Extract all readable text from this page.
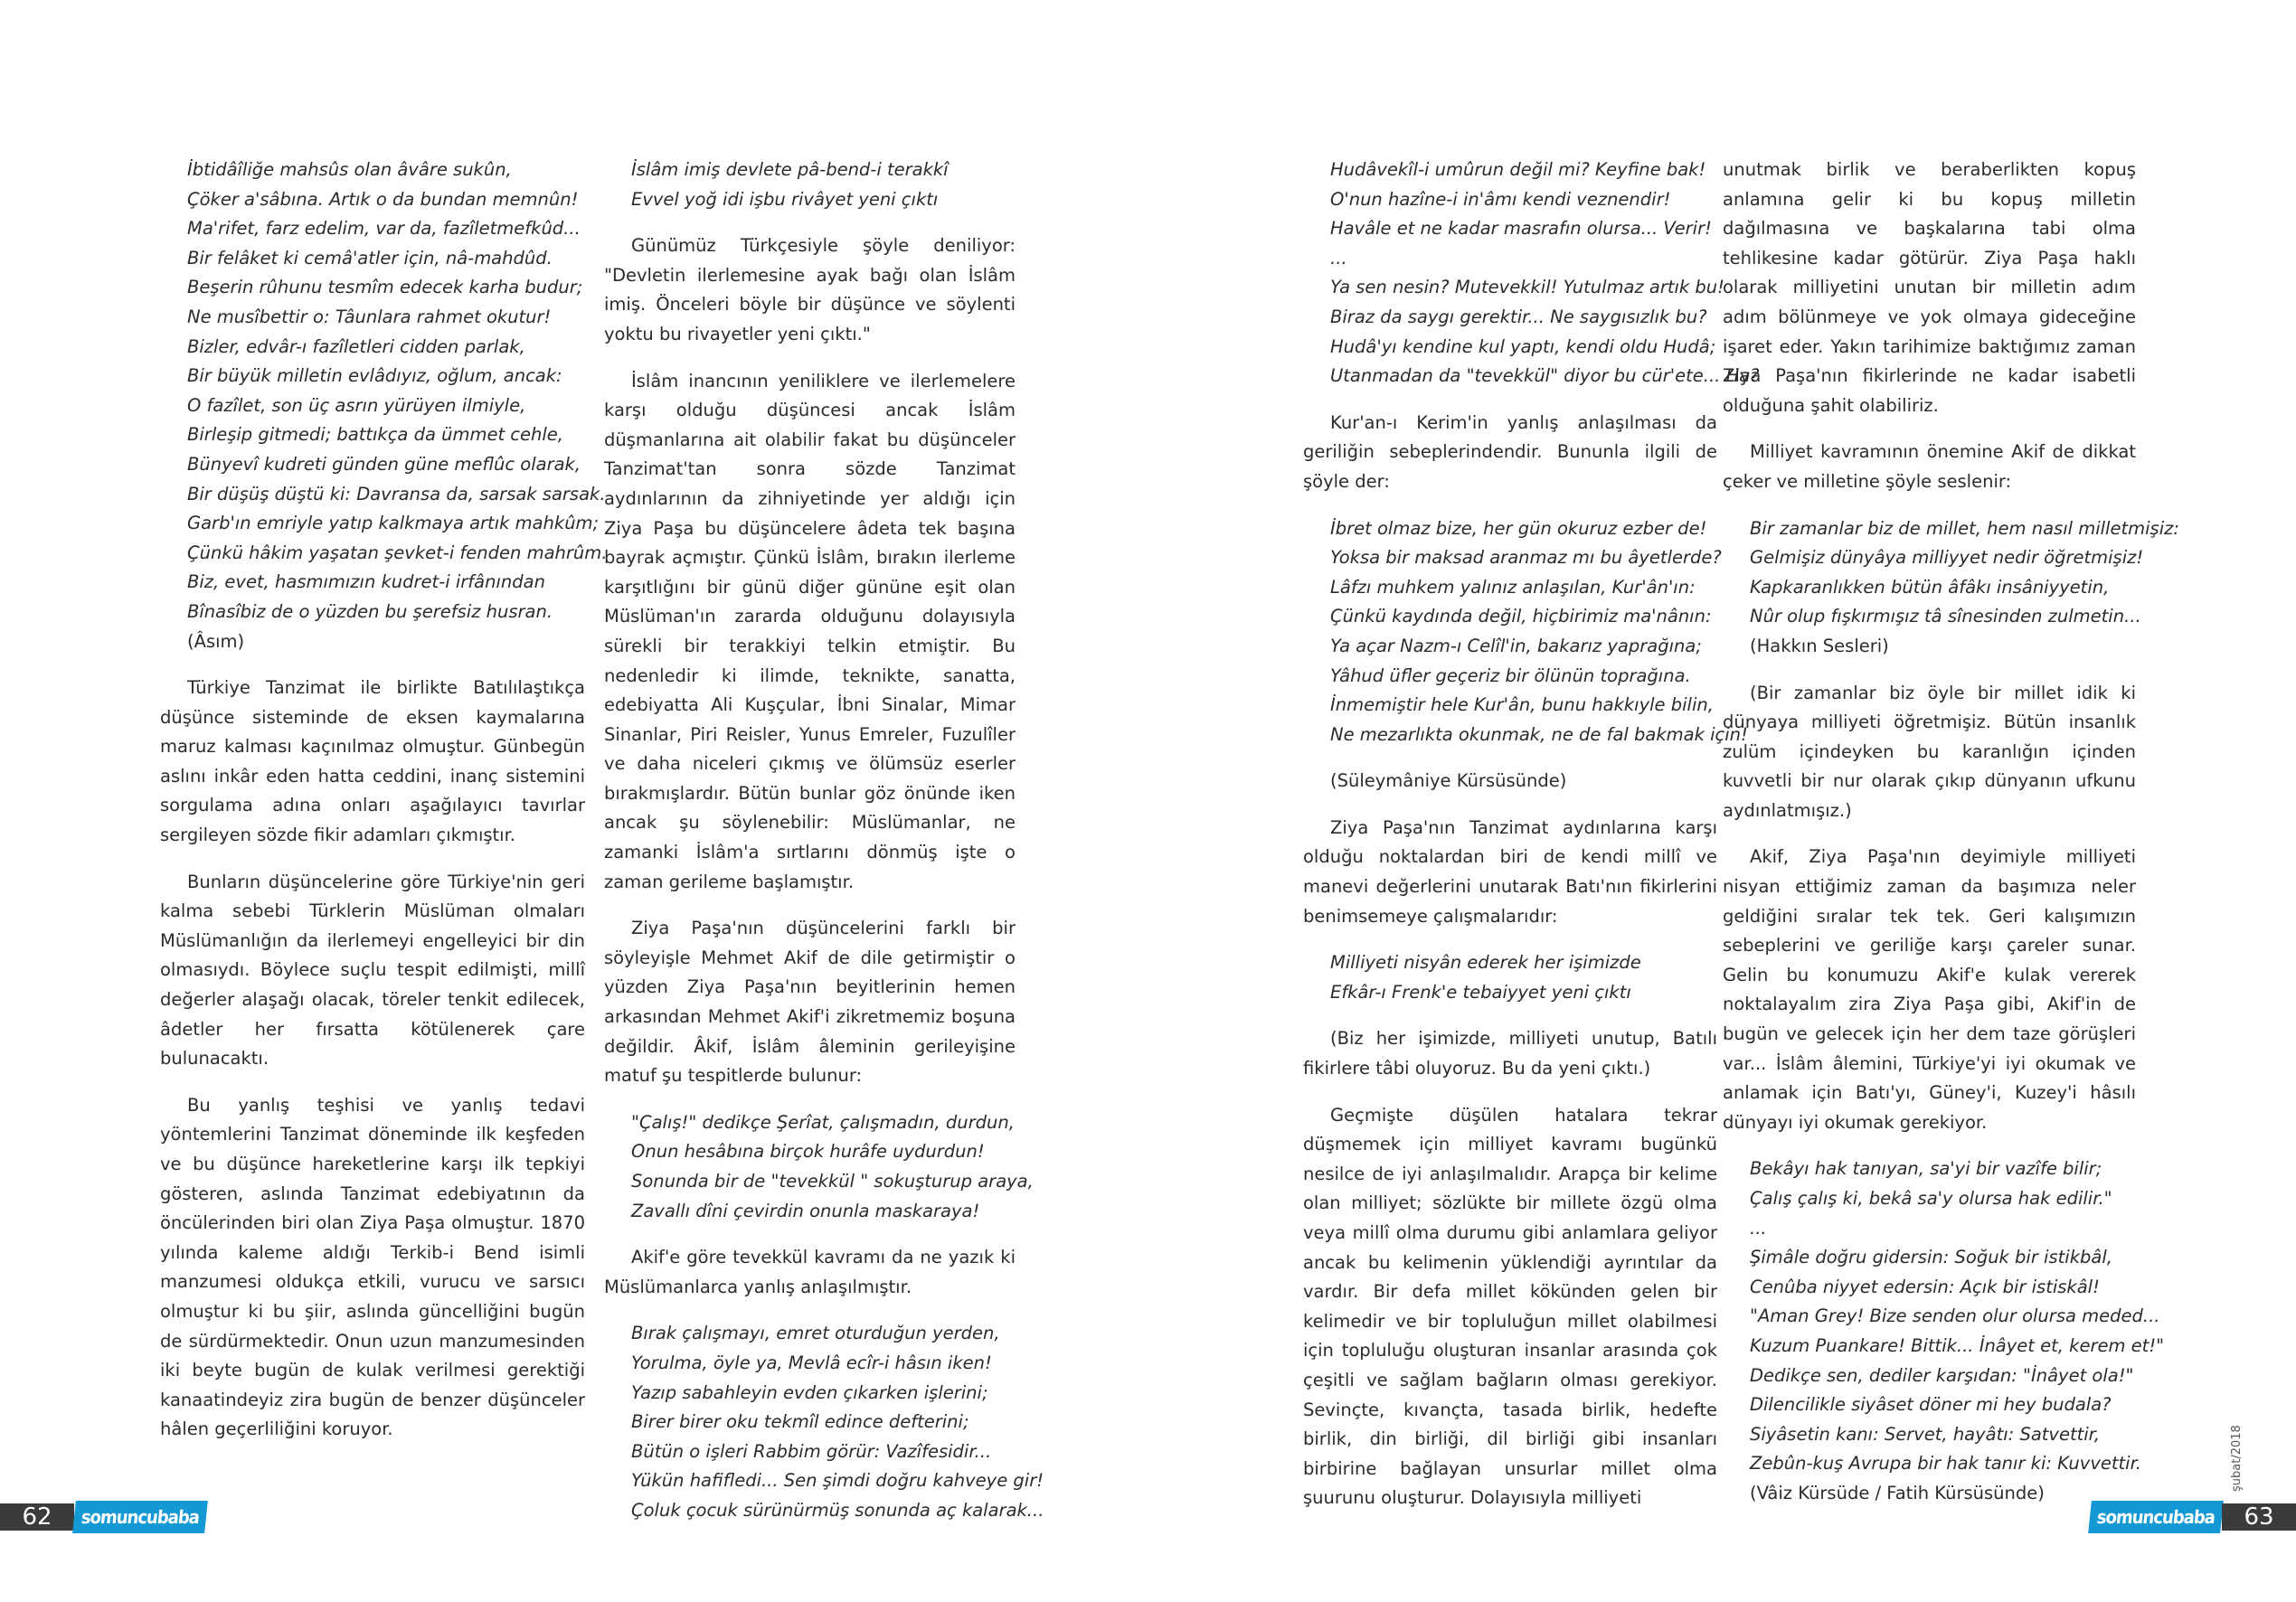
İbtidâîliğe mahsûs olan âvâre sukûn,
Çöker a'sâbına. Artık o da bundan memnûn!
Ma'rifet, farz edelim, var da, fazîletmefkûd...
Bir felâket ki cemâ'atler için, nâ-mahdûd.
Beşerin rûhunu tesmîm edecek karha budur;
Ne musîbettir o: Tâunlara rahmet okutur!
Bizler, edvâr-ı fazîletleri cidden parlak,
Bir büyük milletin evlâdıyız, oğlum, ancak:
O fazîlet, son üç asrın yürüyen ilmiyle,
Birleşip gitmedi; battıkça da ümmet cehle,
Bünyevî kudreti günden güne meflûc olarak,
Bir düşüş düştü ki: Davransa da, sarsak sarsak.
Garb'ın emriyle yatıp kalkmaya artık mahkûm;
Çünkü hâkim yaşatan şevket-i fenden mahrûm.
Biz, evet, hasmımızın kudret-i irfânından
Bînasîbiz de o yüzden bu şerefsiz husran.
(Âsım)

Türkiye Tanzimat ile birlikte Batılılaştıkça düşünce sisteminde de eksen kaymalarına maruz kalması kaçınılmaz olmuştur. Günbegün aslını inkâr eden hatta ceddini, inanç sistemini sorgulama adına onları aşağılayıcı tavırlar sergileyen sözde fikir adamları çıkmıştır.

Bunların düşüncelerine göre Türkiye'nin geri kalma sebebi Türklerin Müslüman olmaları Müslümanlığın da ilerlemeyi engelleyici bir din olmasıydı. Böylece suçlu tespit edilmişti, millî değerler alaşağı olacak, töreler tenkit edilecek, âdetler her fırsatta kötülenerek çare bulunacaktı.

Bu yanlış teşhisi ve yanlış tedavi yöntemlerini Tanzimat döneminde ilk keşfeden ve bu düşünce hareketlerine karşı ilk tepkiyi gösteren, aslında Tanzimat edebiyatının da öncülerinden biri olan Ziya Paşa olmuştur. 1870 yılında kaleme aldığı Terkib-i Bend isimli manzumesi oldukça etkili, vurucu ve sarsıcı olmuştur ki bu şiir, aslında güncelliğini bugün de sürdürmektedir. Onun uzun manzumesinden iki beyte bugün de kulak verilmesi gerektiği kanaatindeyiz zira bugün de benzer düşünceler hâlen geçerliliğini koruyor.

İslâm imiş devlete pâ-bend-i terakkî
Evvel yoğ idi işbu rivâyet yeni çıktı

Günümüz Türkçesiyle şöyle deniliyor: "Devletin ilerlemesine ayak bağı olan İslâm imiş. Önceleri böyle bir düşünce ve söylenti yoktu bu rivayetler yeni çıktı."

İslâm inancının yeniliklere ve ilerlemelere karşı olduğu düşüncesi ancak İslâm düşmanlarına ait olabilir fakat bu düşünceler Tanzimat'tan sonra sözde Tanzimat aydınlarının da zihniyetinde yer aldığı için Ziya Paşa bu düşüncelere âdeta tek başına bayrak açmıştır. Çünkü İslâm, bırakın ilerleme karşıtlığını bir günü diğer gününe eşit olan Müslüman'ın zararda olduğunu dolayısıyla sürekli bir terakkiyi telkin etmiştir. Bu nedenledir ki ilimde, teknikte, sanatta, edebiyatta Ali Kuşçular, İbni Sinalar, Mimar Sinanlar, Piri Reisler, Yunus Emreler, Fuzulîler ve daha niceleri çıkmış ve ölümsüz eserler bırakmışlardır. Bütün bunlar göz önünde iken ancak şu söylenebilir: Müslümanlar, ne zamanki İslâm'a sırtlarını dönmüş işte o zaman gerileme başlamıştır.

Ziya Paşa'nın düşüncelerini farklı bir söyleyişle Mehmet Akif de dile getirmiştir o yüzden Ziya Paşa'nın beyitlerinin hemen arkasından Mehmet Akif'i zikretmemiz boşuna değildir. Âkif, İslâm âleminin gerileyişine matuf şu tespitlerde bulunur:

"Çalış!" dedikçe Şerîat, çalışmadın, durdun,
Onun hesâbına birçok hurâfe uydurdun!
Sonunda bir de "tevekkül " sokuşturup araya,
Zavallı dîni çevirdin onunla maskaraya!

Akif'e göre tevekkül kavramı da ne yazık ki Müslümanlarca yanlış anlaşılmıştır.

Bırak çalışmayı, emret oturduğun yerden,
Yorulma, öyle ya, Mevlâ ecîr-i hâsın iken!
Yazıp sabahleyin evden çıkarken işlerini;
Birer birer oku tekmîl edince defterini;
Bütün o işleri Rabbim görür: Vazîfesidir...
Yükün hafifledi... Sen şimdi doğru kahveye gir!
Çoluk çocuk sürünürmüş sonunda aç kalarak...
Hudâvekîl-i umûrun değil mi? Keyfine bak!
O'nun hazîne-i in'âmı kendi veznendir!
Havâle et ne kadar masrafın olursa... Verir!
...
Ya sen nesin? Mutevekkil! Yutulmaz artık bu!
Biraz da saygı gerektir... Ne saygısızlık bu?
Hudâ'yı kendine kul yaptı, kendi oldu Hudâ;
Utanmadan da "tevekkül" diyor bu cür'ete... Ha?

Kur'an-ı Kerim'in yanlış anlaşılması da geriliğin sebeplerindendir. Bununla ilgili de şöyle der:

İbret olmaz bize, her gün okuruz ezber de!
Yoksa bir maksad aranmaz mı bu âyetlerde?
Lâfzı muhkem yalınız anlaşılan, Kur'ân'ın:
Çünkü kaydında değil, hiçbirimiz ma'nânın:
Ya açar Nazm-ı Celîl'in, bakarız yaprağına;
Yâhud üfler geçeriz bir ölünün toprağına.
İnmemiştir hele Kur'ân, bunu hakkıyle bilin,
Ne mezarlıkta okunmak, ne de fal bakmak için!

(Süleymâniye Kürsüsünde)

Ziya Paşa'nın Tanzimat aydınlarına karşı olduğu noktalardan biri de kendi millî ve manevi değerlerini unutarak Batı'nın fikirlerini benimsemeye çalışmalarıdır:

Milliyeti nisyân ederek her işimizde
Efkâr-ı Frenk'e tebaiyyet yeni çıktı

(Biz her işimizde, milliyeti unutup, Batılı fikirlere tâbi oluyoruz. Bu da yeni çıktı.)

Geçmişte düşülen hatalara tekrar düşmemek için milliyet kavramı bugünkü nesilce de iyi anlaşılmalıdır. Arapça bir kelime olan milliyet; sözlükte bir millete özgü olma veya millî olma durumu gibi anlamlara geliyor ancak bu kelimenin yüklendiği ayrıntılar da vardır. Bir defa millet kökünden gelen bir kelimedir ve bir topluluğun millet olabilmesi için topluluğu oluşturan insanlar arasında çok çeşitli ve sağlam bağların olması gerekiyor. Sevinçte, kıvançta, tasada birlik, hedefte birlik, din birliği, dil birliği gibi insanları birbirine bağlayan unsurlar millet olma şuurunu oluşturur. Dolayısıyla milliyeti

unutmak birlik ve beraberlikten kopuş anlamına gelir ki bu kopuş milletin dağılmasına ve başkalarına tabi olma tehlikesine kadar götürür. Ziya Paşa haklı olarak milliyetini unutan bir milletin adım adım bölünmeye ve yok olmaya gideceğine işaret eder. Yakın tarihimize baktığımız zaman Ziya Paşa'nın fikirlerinde ne kadar isabetli olduğuna şahit olabiliriz.

Milliyet kavramının önemine Akif de dikkat çeker ve milletine şöyle seslenir:

Bir zamanlar biz de millet, hem nasıl milletmişiz:
Gelmişiz dünyâya milliyyet nedir öğretmişiz!
Kapkaranlıkken bütün âfâkı insâniyyetin,
Nûr olup fışkırmışız tâ sînesinden zulmetin...
(Hakkın Sesleri)

(Bir zamanlar biz öyle bir millet idik ki dünyaya milliyeti öğretmişiz. Bütün insanlık zulüm içindeyken bu karanlığın içinden kuvvetli bir nur olarak çıkıp dünyanın ufkunu aydınlatmışız.)

Akif, Ziya Paşa'nın deyimiyle milliyeti nisyan ettiğimiz zaman da başımıza neler geldiğini sıralar tek tek. Geri kalışımızın sebeplerini ve geriliğe karşı çareler sunar. Gelin bu konumuzu Akif'e kulak vererek noktalayalım zira Ziya Paşa gibi, Akif'in de bugün ve gelecek için her dem taze görüşleri var... İslâm âlemini, Türkiye'yi iyi okumak ve anlamak için Batı'yı, Güney'i, Kuzey'i hâsılı dünyayı iyi okumak gerekiyor.

Bekâyı hak tanıyan, sa'yi bir vazîfe bilir;
Çalış çalış ki, bekâ sa'y olursa hak edilir."
...
Şimâle doğru gidersin: Soğuk bir istikbâl,
Cenûba niyyet edersin: Açık bir istiskâl!
"Aman Grey! Bize senden olur olursa meded...
Kuzum Puankare! Bittik... İnâyet et, kerem et!"
Dedikçe sen, dediler karşıdan: "İnâyet ola!"
Dilencilikle siyâset döner mi hey budala?
Siyâsetin kanı: Servet, hayâtı: Satvettir,
Zebûn-kuş Avrupa bir hak tanır ki: Kuvvettir.
(Vâiz Kürsüde / Fatih Kürsüsünde)
62	somuncubaba	somuncubaba	63
şubat/2018
